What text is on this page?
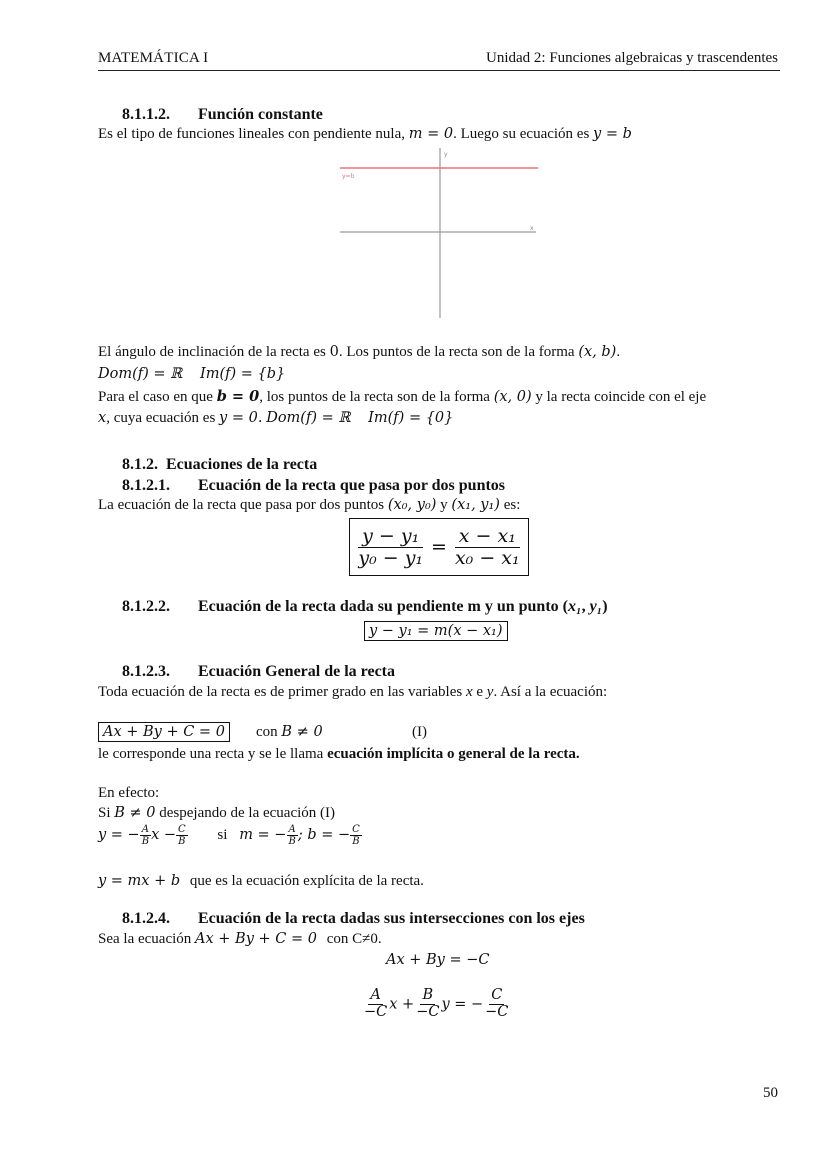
MATEMÁTICA I	Unidad 2: Funciones algebraicas y trascendentes
8.1.1.2. Función constante
Es el tipo de funciones lineales con pendiente nula, m = 0. Luego su ecuación es y = b
y
x
y=b
El ángulo de inclinación de la recta es 0. Los puntos de la recta son de la forma (x, b).
Dom(f) = ℝ Im(f) = {b}
Para el caso en que b = 0, los puntos de la recta son de la forma (x, 0) y la recta coincide con el eje
x, cuya ecuación es y = 0. Dom(f) = ℝ Im(f) = {0}
8.1.2. Ecuaciones de la recta
8.1.2.1. Ecuación de la recta que pasa por dos puntos
La ecuación de la recta que pasa por dos puntos (x₀, y₀) y (x₁, y₁) es:
$\frac{\text{y − y₁}}{\text{y₀ − y₁}} = \frac{\text{x − x₁}}{\text{x₀ − x₁}}$
8.1.2.2. Ecuación de la recta dada su pendiente m y un punto (x₁, y₁)
y − y₁ = m(x − x₁)
8.1.2.3. Ecuación General de la recta
Toda ecuación de la recta es de primer grado en las variables x e y. Así a la ecuación:
Ax + By + C = 0	con B ≠ 0	(I)
le corresponde una recta y se le llama ecuación implícita o general de la recta.
En efecto:
Si B ≠ 0 despejando de la ecuación (I)
y = − $\frac{A}{B}$ $x - \frac{C}{B}$ si m = − $\frac{A}{B}$ ; b = − $\frac{C}{B}$
y = mx + b que es la ecuación explícita de la recta.
8.1.2.4. Ecuación de la recta dadas sus intersecciones con los ejes
Sea la ecuación Ax + By + C = 0 con C≠0.
Ax + By = −C
$\frac{A}{-C}$ $x + \frac{B}{-C}$ y = − $\frac{C}{-C}$
50
